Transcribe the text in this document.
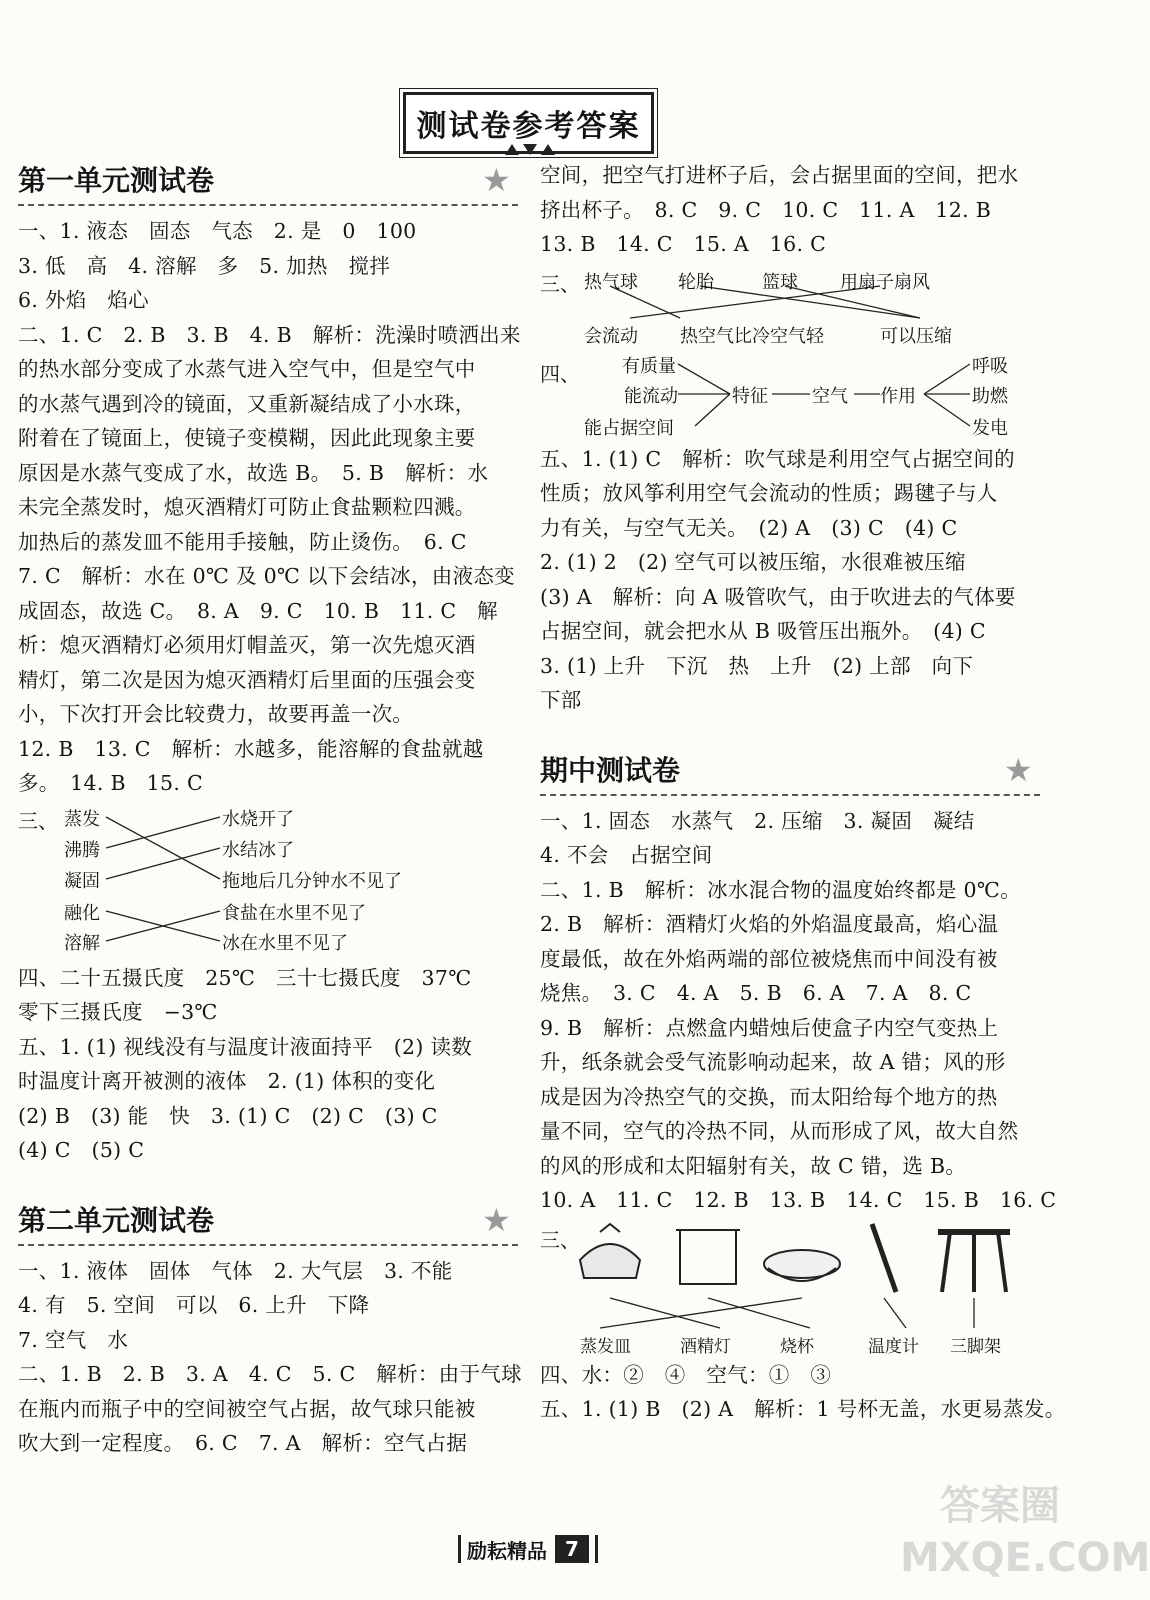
测试卷参考答案
第一单元测试卷	★
一、1. 液态　固态　气态　2. 是　0　100
3. 低　高　4. 溶解　多　5. 加热　搅拌
6. 外焰　焰心
二、1. C　2. B　3. B　4. B　解析：洗澡时喷洒出来
的热水部分变成了水蒸气进入空气中，但是空气中
的水蒸气遇到冷的镜面，又重新凝结成了小水珠，
附着在了镜面上，使镜子变模糊，因此此现象主要
原因是水蒸气变成了水，故选 B。　5. B　解析：水
未完全蒸发时，熄灭酒精灯可防止食盐颗粒四溅。
加热后的蒸发皿不能用手接触，防止烫伤。　6. C
7. C　解析：水在 0℃ 及 0℃ 以下会结冰，由液态变
成固态，故选 C。　8. A　9. C　10. B　11. C　解
析：熄灭酒精灯必须用灯帽盖灭，第一次先熄灭酒
精灯，第二次是因为熄灭酒精灯后里面的压强会变
小，下次打开会比较费力，故要再盖一次。
12. B　13. C　解析：水越多，能溶解的食盐就越
多。　14. B　15. C
三、 蒸发
沸腾
凝固
融化
溶解
水烧开了
水结冰了
拖地后几分钟水不见了
食盐在水里不见了
冰在水里不见了
四、二十五摄氏度　25℃　三十七摄氏度　37℃
零下三摄氏度　−3℃
五、1. (1) 视线没有与温度计液面持平　(2) 读数
时温度计离开被测的液体　2. (1) 体积的变化
(2) B　(3) 能　快　3. (1) C　(2) C　(3) C
(4) C　(5) C
第二单元测试卷	★
一、1. 液体　固体　气体　2. 大气层　3. 不能
4. 有　5. 空间　可以　6. 上升　下降
7. 空气　水
二、1. B　2. B　3. A　4. C　5. C　解析：由于气球
在瓶内而瓶子中的空间被空气占据，故气球只能被
吹大到一定程度。　6. C　7. A　解析：空气占据
空间，把空气打进杯子后，会占据里面的空间，把水
挤出杯子。　8. C　9. C　10. C　11. A　12. B
13. B　14. C　15. A　16. C
三、 热气球 轮胎	篮球 用扇子扇风
会流动 热空气比冷空气轻	可以压缩
四、 有质量
能流动
能占据空间
特征 空气 作用
呼吸
助燃
发电
五、1. (1) C　解析：吹气球是利用空气占据空间的
性质；放风筝利用空气会流动的性质；踢毽子与人
力有关，与空气无关。　(2) A　(3) C　(4) C
2. (1) 2　(2) 空气可以被压缩，水很难被压缩
(3) A　解析：向 A 吸管吹气，由于吹进去的气体要
占据空间，就会把水从 B 吸管压出瓶外。　(4) C
3. (1) 上升　下沉　热　上升　(2) 上部　向下
下部
期中测试卷	★
一、1. 固态　水蒸气　2. 压缩　3. 凝固　凝结
4. 不会　占据空间
二、1. B　解析：冰水混合物的温度始终都是 0℃。
2. B　解析：酒精灯火焰的外焰温度最高，焰心温
度最低，故在外焰两端的部位被烧焦而中间没有被
烧焦。　3. C　4. A　5. B　6. A　7. A　8. C
9. B　解析：点燃盒内蜡烛后使盒子内空气变热上
升，纸条就会受气流影响动起来，故 A 错；风的形
成是因为冷热空气的交换，而太阳给每个地方的热
量不同，空气的冷热不同，从而形成了风，故大自然
的风的形成和太阳辐射有关，故 C 错，选 B。
10. A　11. C　12. B　13. B　14. C　15. B　16. C
三、
蒸发皿	酒精灯	烧杯	温度计 三脚架
四、水：②　④　空气：①　③
五、1. (1) B　(2) A　解析：1 号杯无盖，水更易蒸发。
励耘精品 7
答案圈
MXQE.COM
